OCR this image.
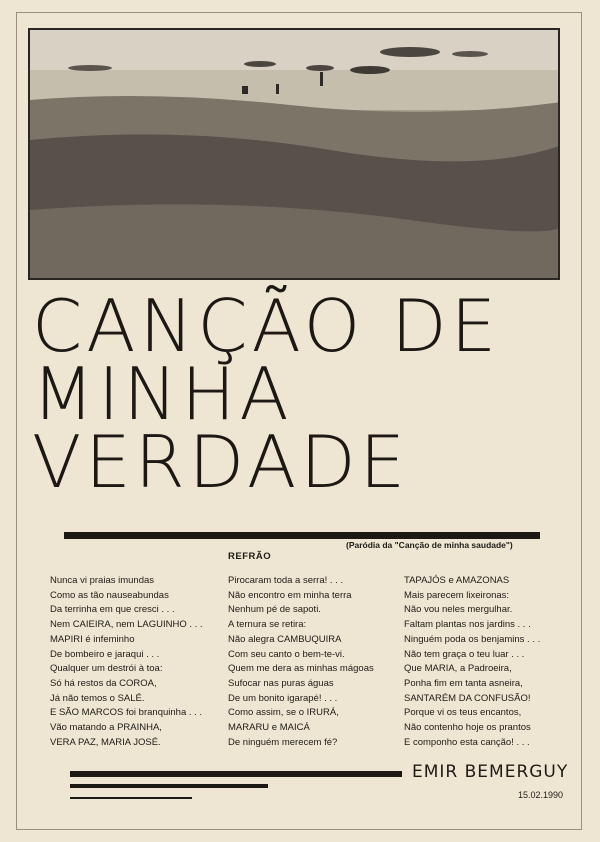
CANÇÃO DE
MINHA
VERDADE
(Paródia da "Canção de minha saudade")
REFRÃO
Nunca vi praias imundas
Como as tão nauseabundas
Da terrinha em que cresci . . .
Nem CAIEIRA, nem LAGUINHO . . .
MAPIRI é infeminho
De bombeiro e jaraqui . . .
Qualquer um destrói à toa:
Só há restos da COROA,
Já não temos o SALÉ.
E SÃO MARCOS foi branquinha . . .
Vão matando a PRAINHA,
VERA PAZ, MARIA JOSÉ.
Pirocaram toda a serra! . . .
Não encontro em minha terra
Nenhum pé de sapoti.
A ternura se retira:
Não alegra CAMBUQUIRA
Com seu canto o bem-te-vi.
Quem me dera as minhas mágoas
Sufocar nas puras águas
De um bonito igarapé! . . .
Como assim, se o IRURÁ,
MARARU e MAICÁ
De ninguém merecem fé?
TAPAJÓS e AMAZONAS
Mais parecem lixeironas:
Não vou neles mergulhar.
Faltam plantas nos jardins . . .
Ninguém poda os benjamins . . .
Não tem graça o teu luar . . .
Que MARIA, a Padroeira,
Ponha fim em tanta asneira,
SANTARÉM DA CONFUSÃO!
Porque vi os teus encantos,
Não contenho hoje os prantos
E componho esta canção! . . .
EMIR BEMERGUY
15.02.1990
